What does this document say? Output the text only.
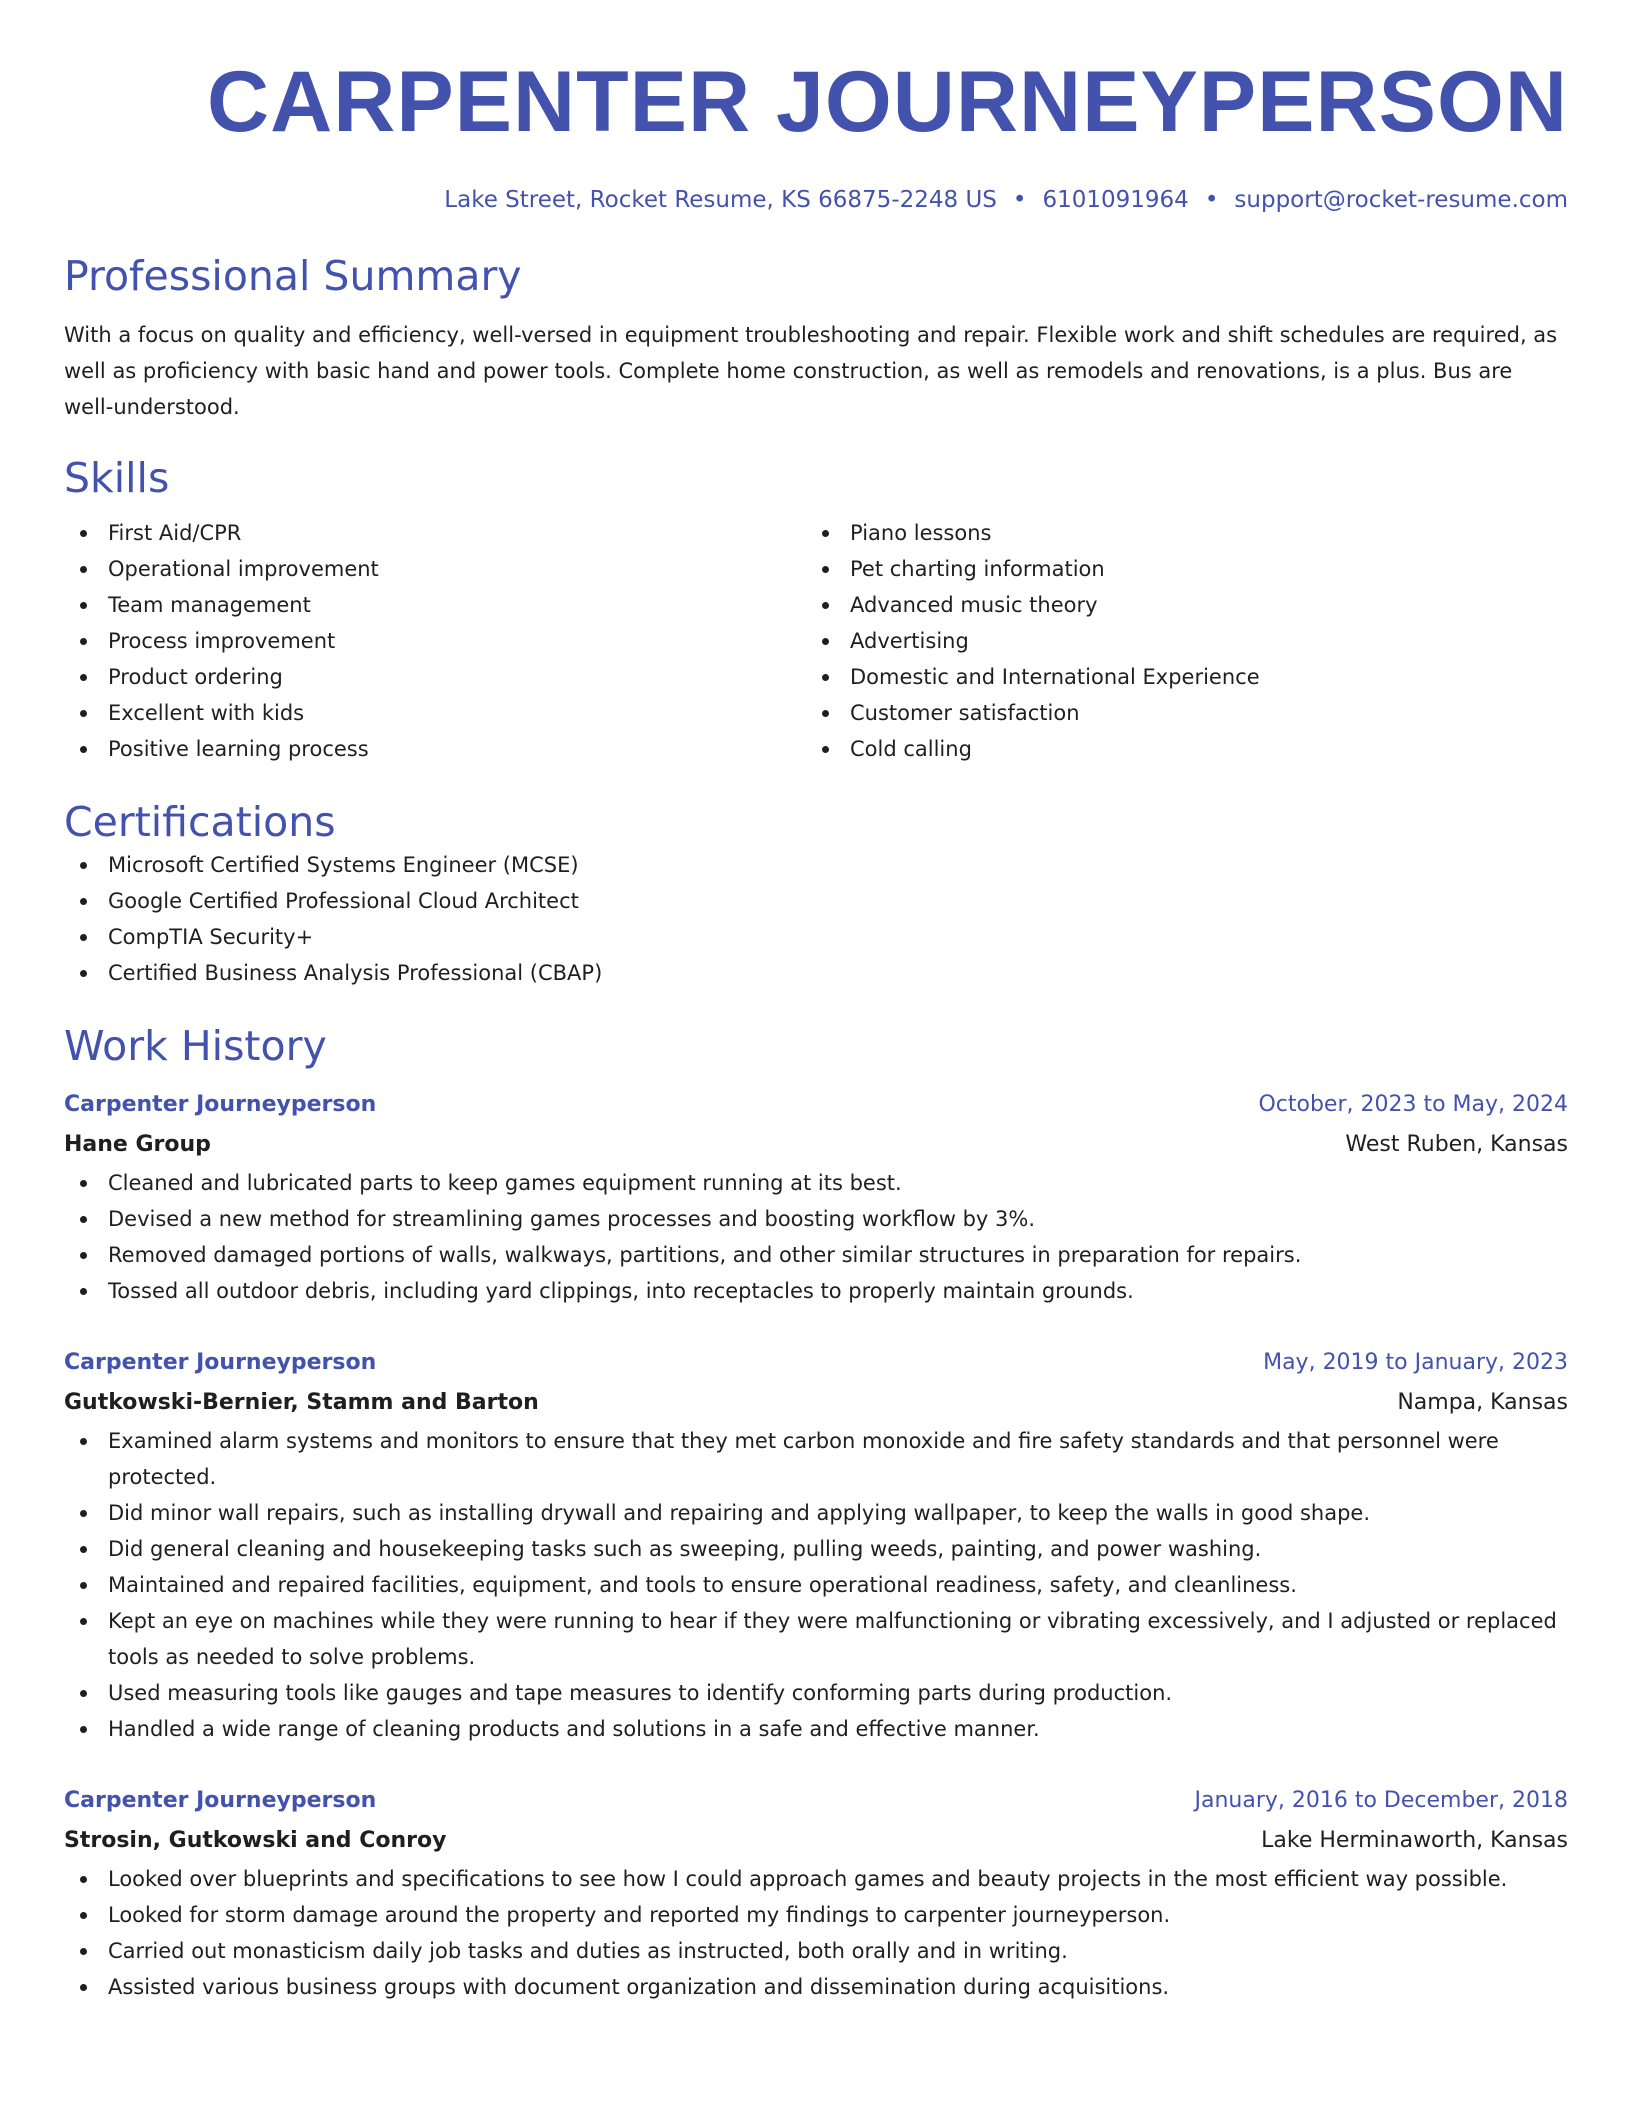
CARPENTER JOURNEYPERSON
Lake Street, Rocket Resume, KS 66875-2248 US • 6101091964 • support@rocket-resume.com
Professional Summary

With a focus on quality and efficiency, well-versed in equipment troubleshooting and repair. Flexible work and shift schedules are required, as well as proficiency with basic hand and power tools. Complete home construction, as well as remodels and renovations, is a plus. Bus are well-understood.

Skills
First Aid/CPR
Operational improvement
Team management
Process improvement
Product ordering
Excellent with kids
Positive learning process
Piano lessons
Pet charting information
Advanced music theory
Advertising
Domestic and International Experience
Customer satisfaction
Cold calling
Certifications
Microsoft Certified Systems Engineer (MCSE)
Google Certified Professional Cloud Architect
CompTIA Security+
Certified Business Analysis Professional (CBAP)
Work History
Carpenter Journeyperson	October, 2023 to May, 2024
Hane Group	West Ruben, Kansas
Cleaned and lubricated parts to keep games equipment running at its best.
Devised a new method for streamlining games processes and boosting workflow by 3%.
Removed damaged portions of walls, walkways, partitions, and other similar structures in preparation for repairs.
Tossed all outdoor debris, including yard clippings, into receptacles to properly maintain grounds.
Carpenter Journeyperson	May, 2019 to January, 2023
Gutkowski-Bernier, Stamm and Barton	Nampa, Kansas
Examined alarm systems and monitors to ensure that they met carbon monoxide and fire safety standards and that personnel were protected.
Did minor wall repairs, such as installing drywall and repairing and applying wallpaper, to keep the walls in good shape.
Did general cleaning and housekeeping tasks such as sweeping, pulling weeds, painting, and power washing.
Maintained and repaired facilities, equipment, and tools to ensure operational readiness, safety, and cleanliness.
Kept an eye on machines while they were running to hear if they were malfunctioning or vibrating excessively, and I adjusted or replaced tools as needed to solve problems.
Used measuring tools like gauges and tape measures to identify conforming parts during production.
Handled a wide range of cleaning products and solutions in a safe and effective manner.
Carpenter Journeyperson	January, 2016 to December, 2018
Strosin, Gutkowski and Conroy	Lake Herminaworth, Kansas
Looked over blueprints and specifications to see how I could approach games and beauty projects in the most efficient way possible.
Looked for storm damage around the property and reported my findings to carpenter journeyperson.
Carried out monasticism daily job tasks and duties as instructed, both orally and in writing.
Assisted various business groups with document organization and dissemination during acquisitions.
